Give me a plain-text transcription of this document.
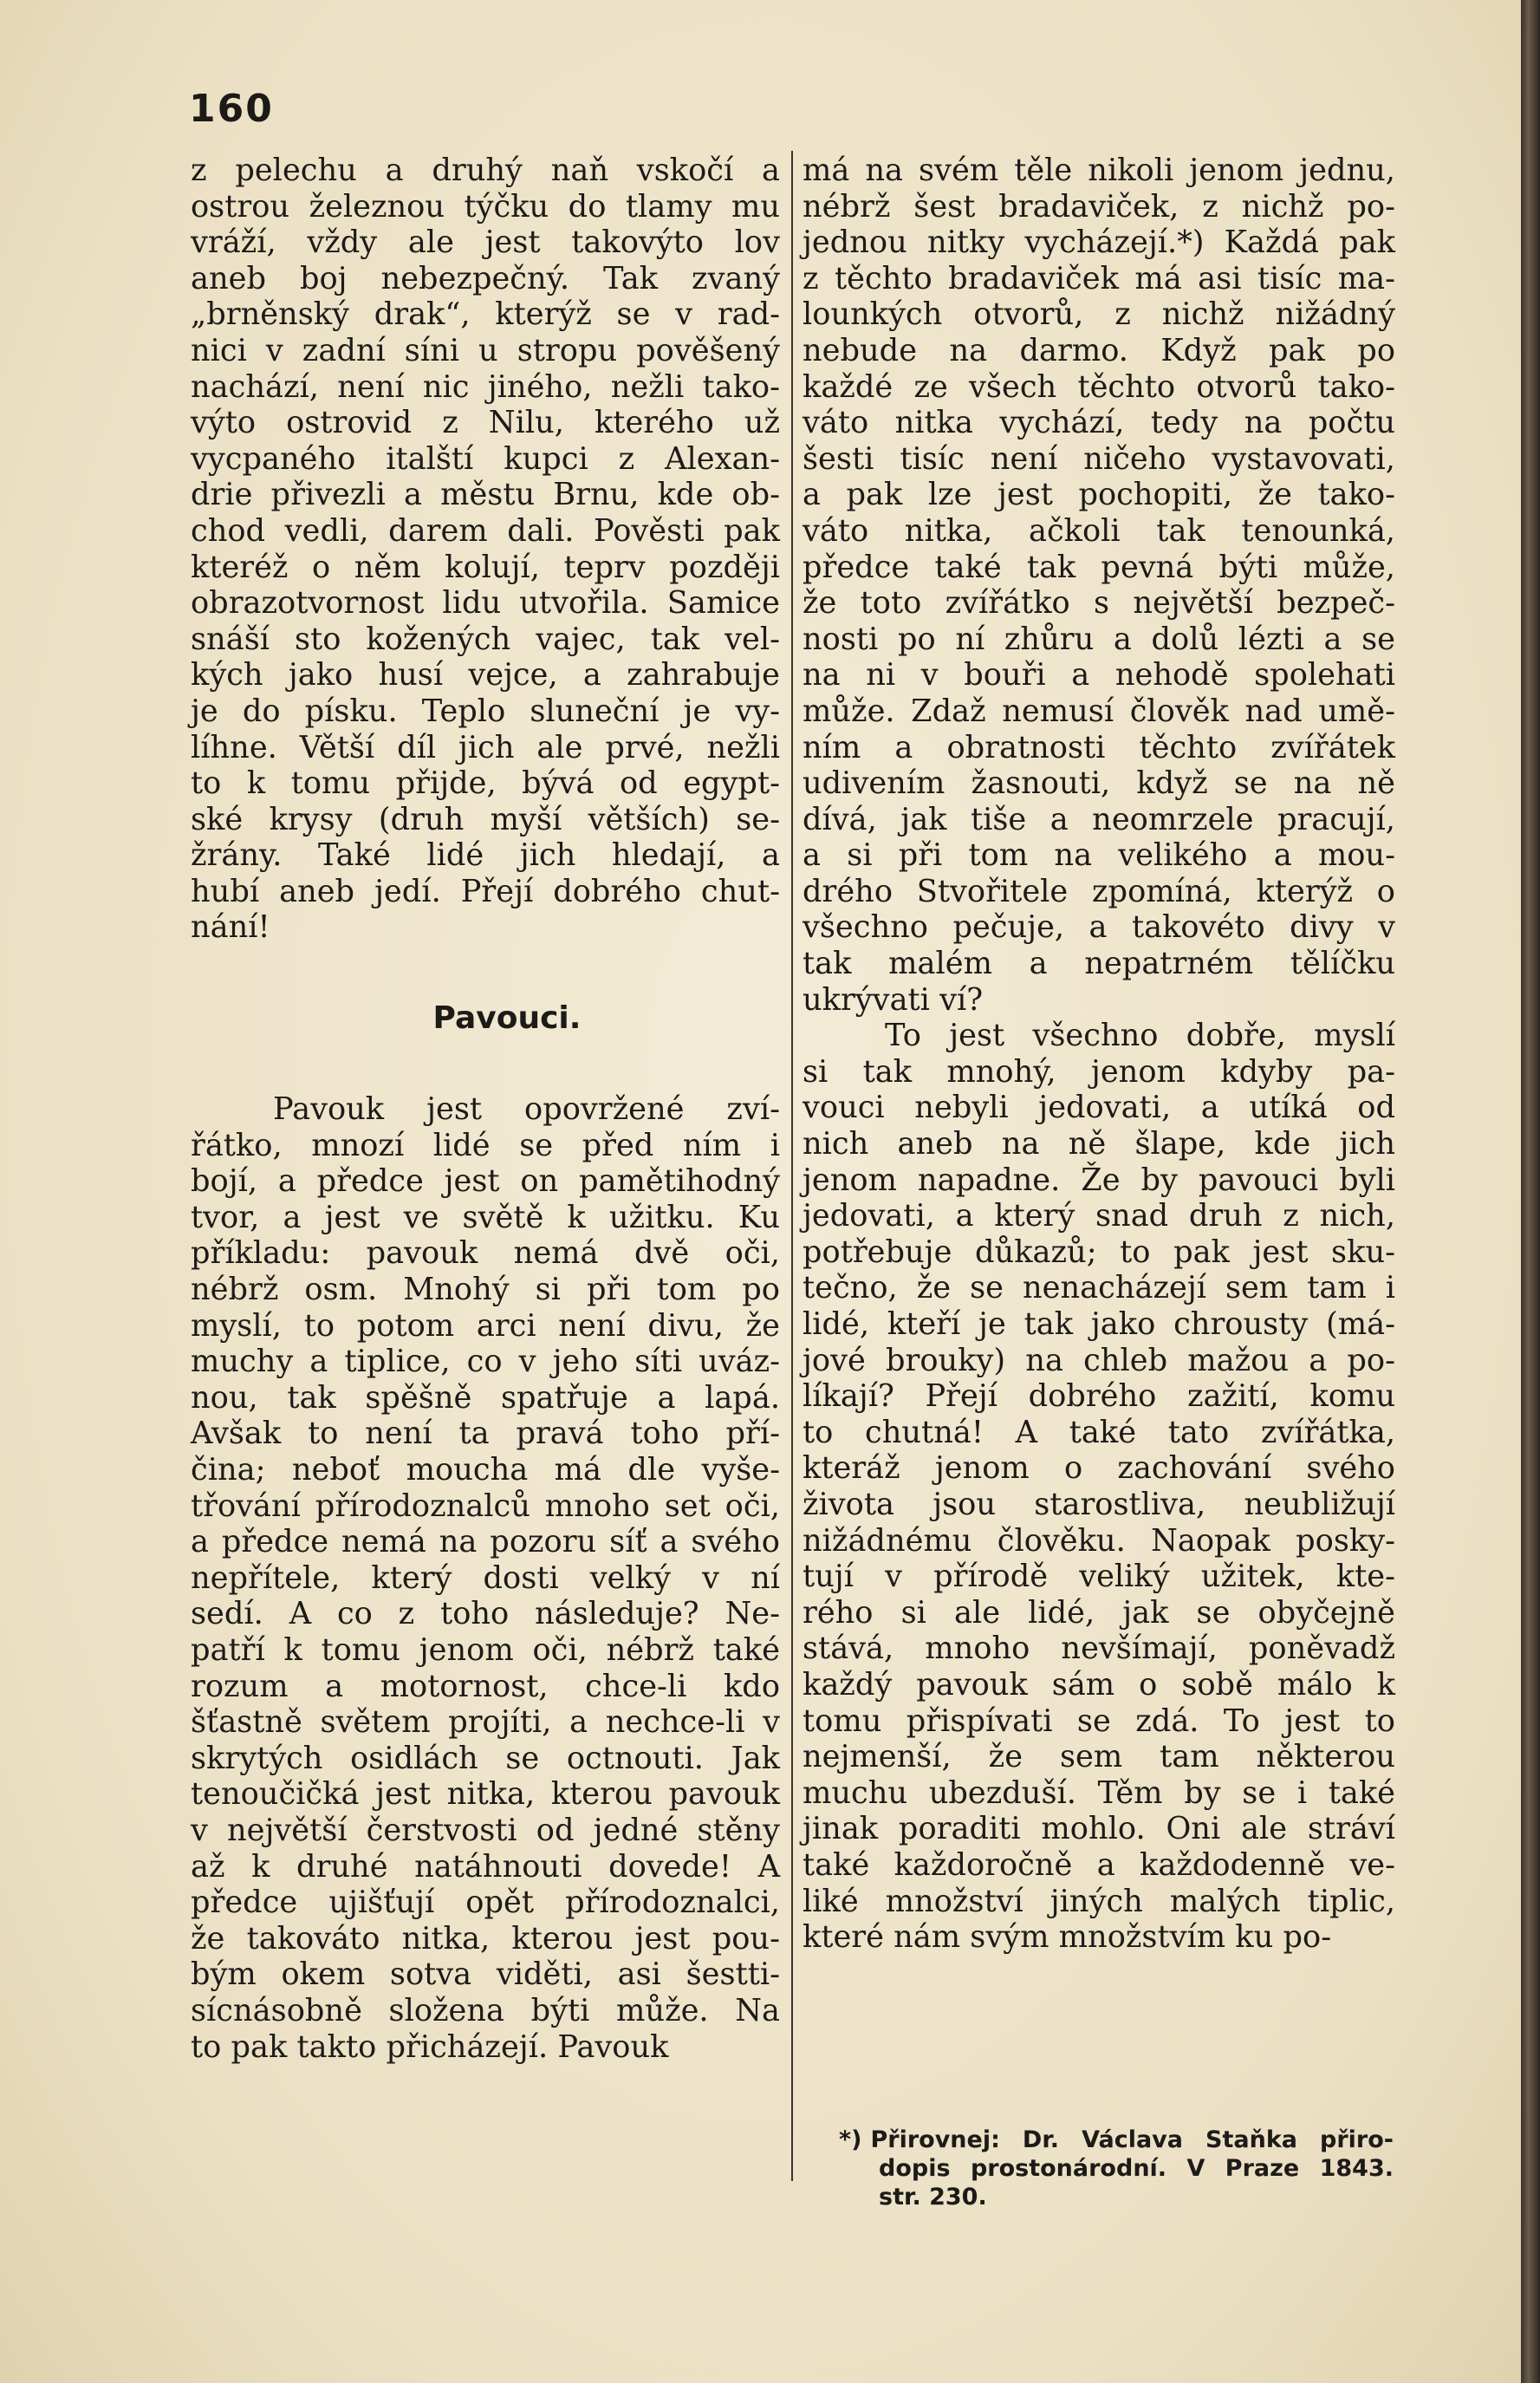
160
z pelechu a druhý naň vskočí a
ostrou železnou týčku do tlamy mu
vráží, vždy ale jest takovýto lov
aneb boj nebezpečný. Tak zvaný
„brněnský drak“, kterýž se v rad-
nici v zadní síni u stropu pověšený
nachází, není nic jiného, nežli tako-
výto ostrovid z Nilu, kterého už
vycpaného italští kupci z Alexan-
drie přivezli a městu Brnu, kde ob-
chod vedli, darem dali. Pověsti pak
kteréž o něm kolují, teprv později
obrazotvornost lidu utvořila. Samice
snáší sto kožených vajec, tak vel-
kých jako husí vejce, a zahrabuje
je do písku. Teplo sluneční je vy-
líhne. Větší díl jich ale prvé, nežli
to k tomu přijde, bývá od egypt-
ské krysy (druh myší větších) se-
žrány. Také lidé jich hledají, a
hubí aneb jedí. Přejí dobrého chut-
nání!
Pavouci.
Pavouk jest opovržené zví-
řátko, mnozí lidé se před ním i
bojí, a předce jest on pamětihodný
tvor, a jest ve světě k užitku. Ku
příkladu: pavouk nemá dvě oči,
nébrž osm. Mnohý si při tom po
myslí, to potom arci není divu, že
muchy a tiplice, co v jeho síti uváz-
nou, tak spěšně spatřuje a lapá.
Avšak to není ta pravá toho pří-
čina; neboť moucha má dle vyše-
třování přírodoznalců mnoho set oči,
a předce nemá na pozoru síť a svého
nepřítele, který dosti velký v ní
sedí. A co z toho následuje? Ne-
patří k tomu jenom oči, nébrž také
rozum a motornost, chce-li kdo
šťastně světem projíti, a nechce-li v
skrytých osidlách se octnouti. Jak
tenoučičká jest nitka, kterou pavouk
v největší čerstvosti od jedné stěny
až k druhé natáhnouti dovede! A
předce ujišťují opět přírodoznalci,
že takováto nitka, kterou jest pou-
bým okem sotva viděti, asi šestti-
sícnásobně složena býti může. Na
to pak takto přicházejí. Pavouk
má na svém těle nikoli jenom jednu,
nébrž šest bradaviček, z nichž po-
jednou nitky vycházejí.*) Každá pak
z těchto bradaviček má asi tisíc ma-
lounkých otvorů, z nichž nižádný
nebude na darmo. Když pak po
každé ze všech těchto otvorů tako-
váto nitka vychází, tedy na počtu
šesti tisíc není ničeho vystavovati,
a pak lze jest pochopiti, že tako-
váto nitka, ačkoli tak tenounká,
předce také tak pevná býti může,
že toto zvířátko s největší bezpeč-
nosti po ní zhůru a dolů lézti a se
na ni v bouři a nehodě spolehati
může. Zdaž nemusí člověk nad umě-
ním a obratnosti těchto zvířátek
udivením žasnouti, když se na ně
dívá, jak tiše a neomrzele pracují,
a si při tom na velikého a mou-
drého Stvořitele zpomíná, kterýž o
všechno pečuje, a takovéto divy v
tak malém a nepatrném tělíčku
ukrývati ví?
To jest všechno dobře, myslí
si tak mnohý, jenom kdyby pa-
vouci nebyli jedovati, a utíká od
nich aneb na ně šlape, kde jich
jenom napadne. Že by pavouci byli
jedovati, a který snad druh z nich,
potřebuje důkazů; to pak jest sku-
tečno, že se nenacházejí sem tam i
lidé, kteří je tak jako chrousty (má-
jové brouky) na chleb mažou a po-
líkají? Přejí dobrého zažití, komu
to chutná! A také tato zvířátka,
kteráž jenom o zachování svého
života jsou starostliva, neubližují
nižádnému člověku. Naopak posky-
tují v přírodě veliký užitek, kte-
rého si ale lidé, jak se obyčejně
stává, mnoho nevšímají, poněvadž
každý pavouk sám o sobě málo k
tomu přispívati se zdá. To jest to
nejmenší, že sem tam některou
muchu ubezduší. Těm by se i také
jinak poraditi mohlo. Oni ale stráví
také každoročně a každodenně ve-
liké množství jiných malých tiplic,
které nám svým množstvím ku po-
*) Přirovnej: Dr. Václava Staňka přiro-
dopis prostonárodní. V Praze 1843.
str. 230.
